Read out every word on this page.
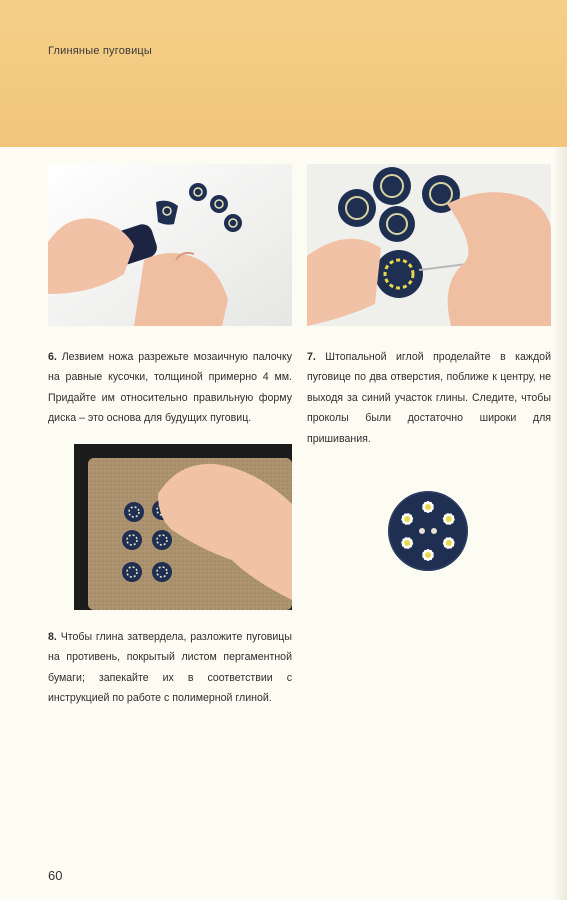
Глиняные пуговицы
6. Лезвием ножа разрежьте мозаичную палочку на равные кусочки, толщиной примерно 4 мм. Придайте им относительно правильную форму диска – это основа для будущих пуговиц.
7. Штопальной иглой проделайте в каждой пуговице по два отверстия, поближе к центру, не выходя за синий участок глины. Следите, чтобы проколы были достаточно широки для пришивания.
8. Чтобы глина затвердела, разложите пуговицы на противень, покрытый листом пергаментной бумаги; запекайте их в соответствии с инструкцией по работе с полимерной глиной.
60
